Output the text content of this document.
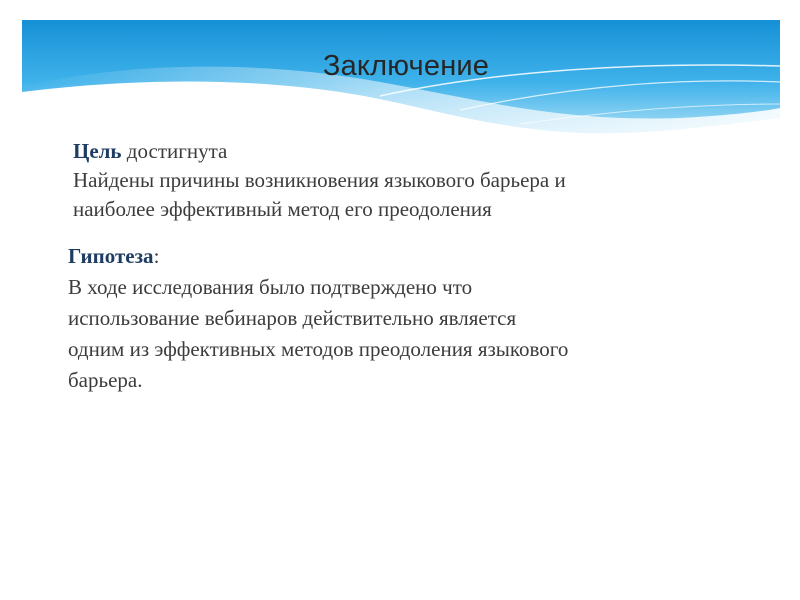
Заключение
Цель достигнута
Найдены причины возникновения языкового барьера и
наиболее эффективный метод его преодоления
Гипотеза:
В ходе исследования было подтверждено что
использование вебинаров действительно является
одним из эффективных методов преодоления языкового
барьера.
